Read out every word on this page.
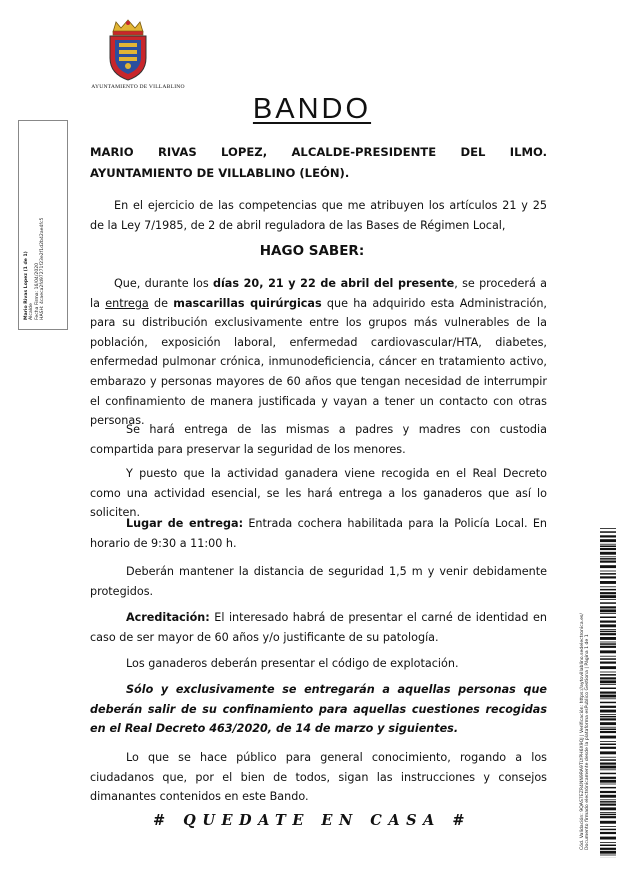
AYUNTAMIENTO DE VILLABLINO
BANDO
Mario Rivas Lopez (1 de 1) Alcalde Fecha Firma: 16/04/2020 HASH: 4caeca2fd97271f23e2f1d2b42ae4fc5
MARIO RIVAS LOPEZ, ALCALDE-PRESIDENTE DEL ILMO.
AYUNTAMIENTO DE VILLABLINO (LEÓN).
En el ejercicio de las competencias que me atribuyen los artículos 21 y 25 de la Ley 7/1985, de 2 de abril reguladora de las Bases de Régimen Local,
HAGO SABER:
Que, durante los días 20, 21 y 22 de abril del presente, se procederá a la entrega de mascarillas quirúrgicas que ha adquirido esta Administración, para su distribución exclusivamente entre los grupos más vulnerables de la población, exposición laboral, enfermedad cardiovascular/HTA, diabetes, enfermedad pulmonar crónica, inmunodeficiencia, cáncer en tratamiento activo, embarazo y personas mayores de 60 años que tengan necesidad de interrumpir el confinamiento de manera justificada y vayan a tener un contacto con otras personas.
Se hará entrega de las mismas a padres y madres con custodia compartida para preservar la seguridad de los menores.
Y puesto que la actividad ganadera viene recogida en el Real Decreto como una actividad esencial, se les hará entrega a los ganaderos que así lo soliciten.
Lugar de entrega: Entrada cochera habilitada para la Policía Local. En horario de 9:30 a 11:00 h.
Deberán mantener la distancia de seguridad 1,5 m y venir debidamente protegidos.
Acreditación: El interesado habrá de presentar el carné de identidad en caso de ser mayor de 60 años y/o justificante de su patología.
Los ganaderos deberán presentar el código de explotación.
Sólo y exclusivamente se entregarán a aquellas personas que deberán salir de su confinamiento para aquellas cuestiones recogidas en el Real Decreto 463/2020, de 14 de marzo y siguientes.
Lo que se hace público para general conocimiento, rogando a los ciudadanos que, por el bien de todos, sigan las instrucciones y consejos dimanantes contenidos en este Bando.
# QUEDATE EN CASA #	Cód. Validación: 9QAS7EZR4NN9RA9TLYPH6X9QJ | Verificación: https://aytovillablino.sedelectronica.es/ Documento firmado electrónicamente desde la plataforma esPublico Gestiona | Página 1 de 1
